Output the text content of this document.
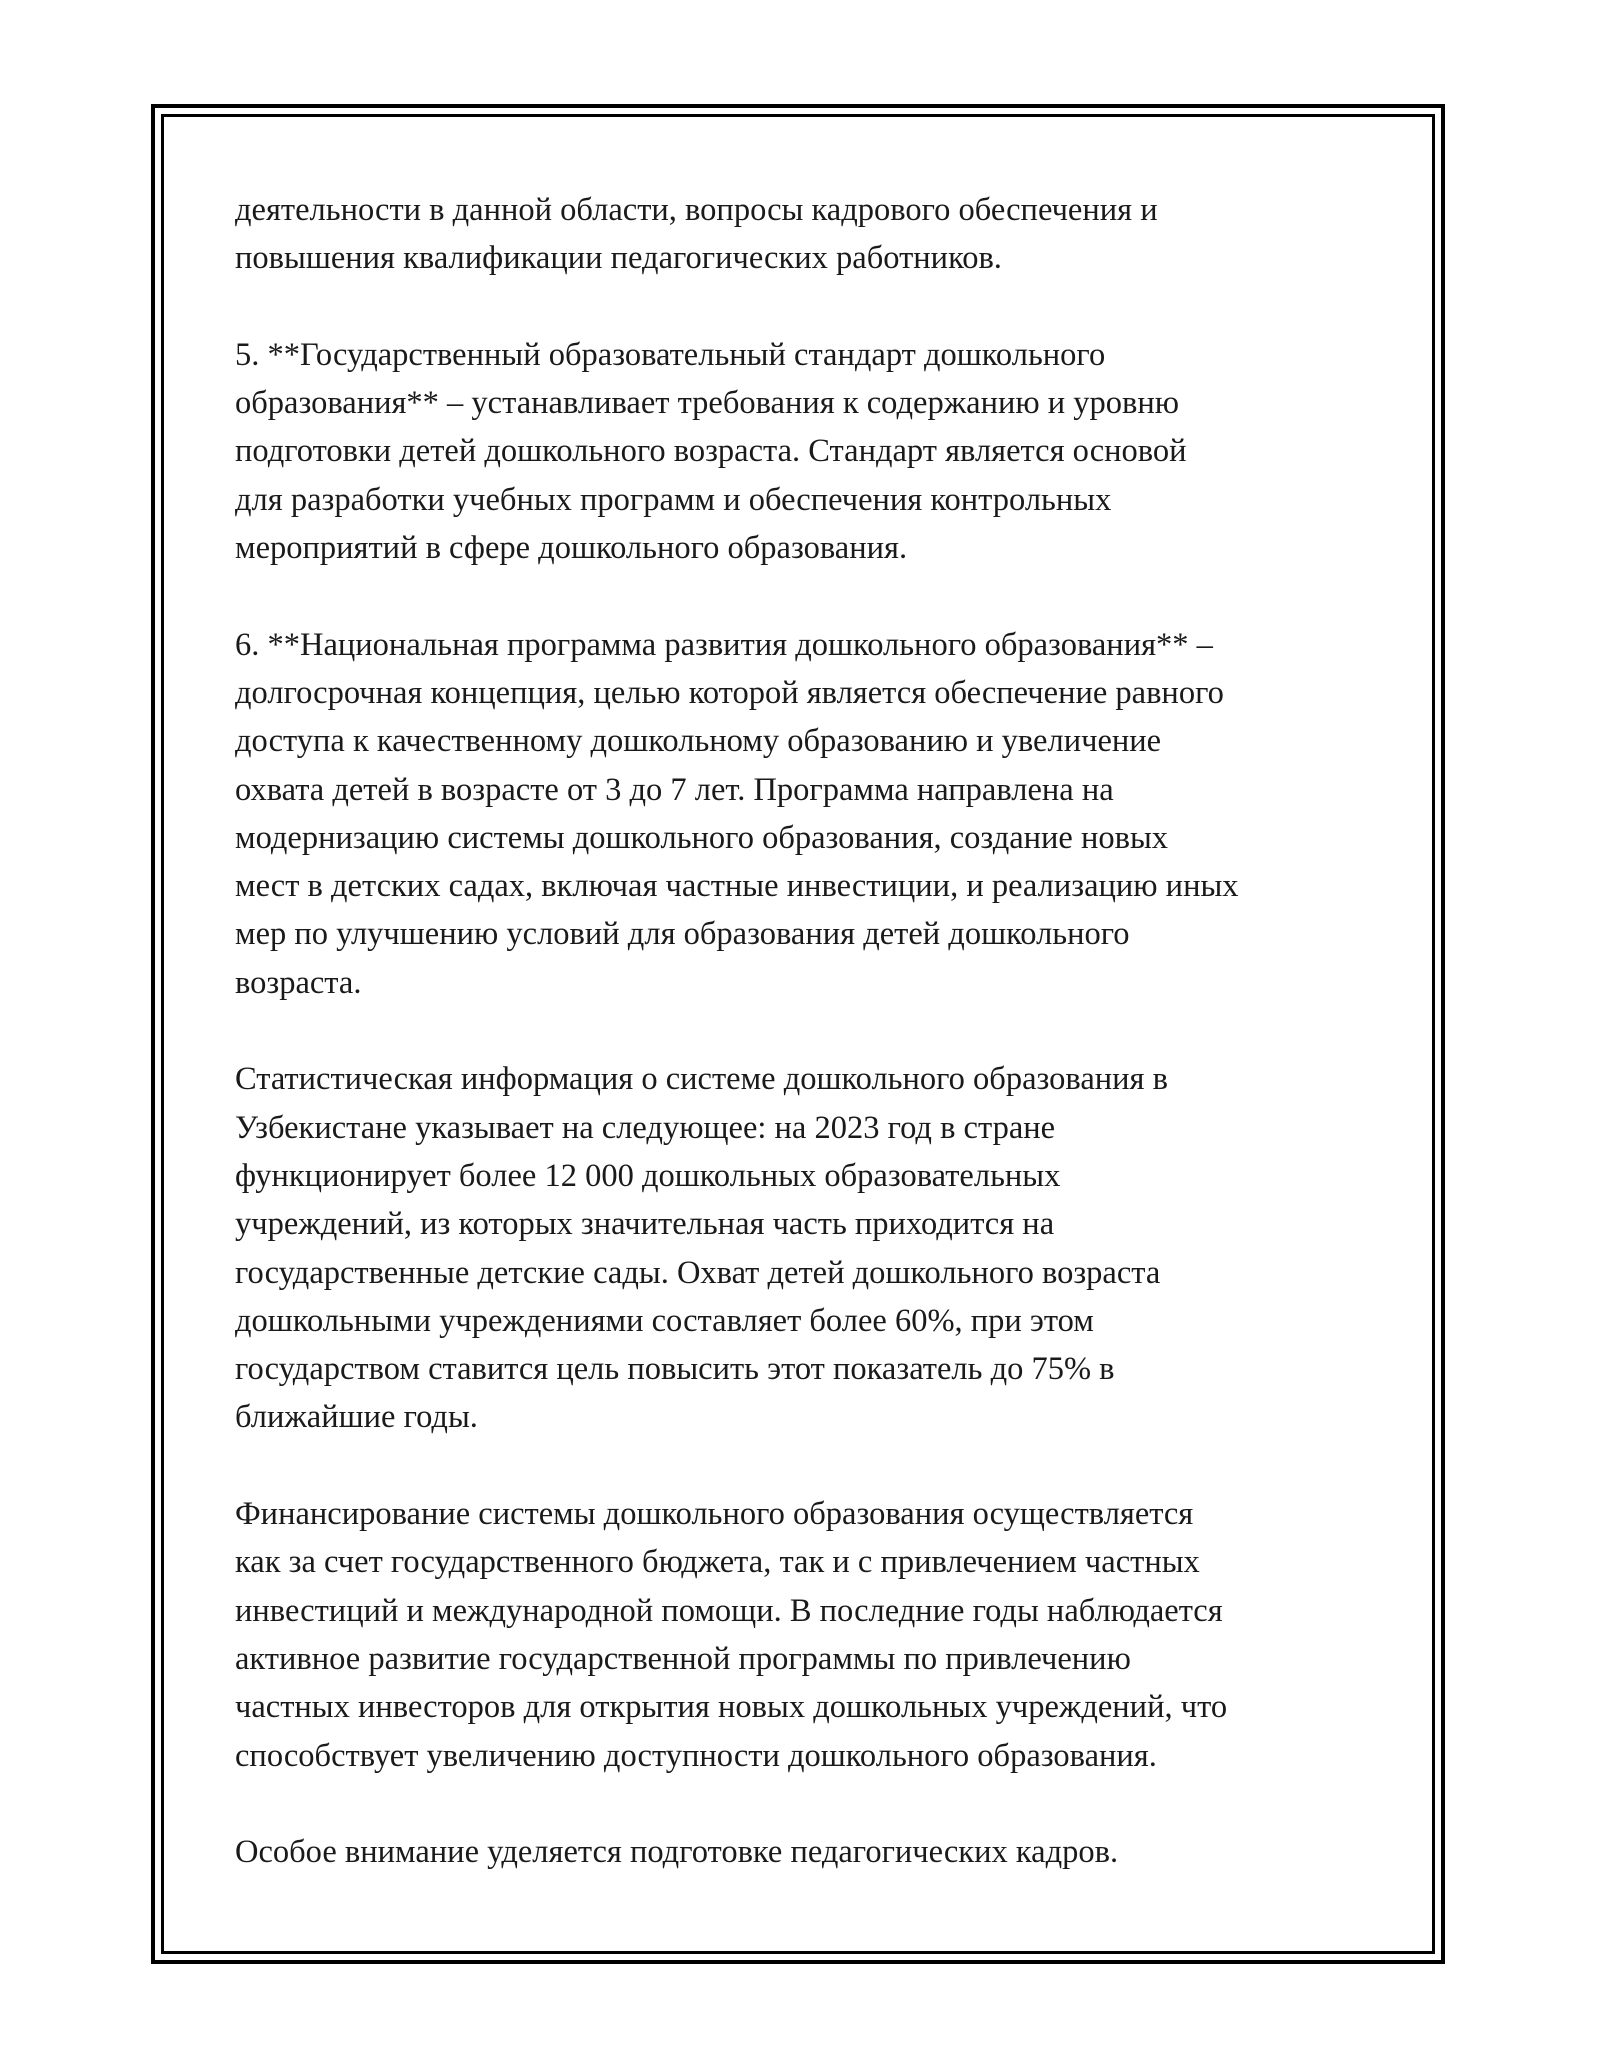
деятельности в данной области, вопросы кадрового обеспечения и
повышения квалификации педагогических работников.

5. **Государственный образовательный стандарт дошкольного
образования** – устанавливает требования к содержанию и уровню
подготовки детей дошкольного возраста. Стандарт является основой
для разработки учебных программ и обеспечения контрольных
мероприятий в сфере дошкольного образования.

6. **Национальная программа развития дошкольного образования** –
долгосрочная концепция, целью которой является обеспечение равного
доступа к качественному дошкольному образованию и увеличение
охвата детей в возрасте от 3 до 7 лет. Программа направлена на
модернизацию системы дошкольного образования, создание новых
мест в детских садах, включая частные инвестиции, и реализацию иных
мер по улучшению условий для образования детей дошкольного
возраста.

Статистическая информация о системе дошкольного образования в
Узбекистане указывает на следующее: на 2023 год в стране
функционирует более 12 000 дошкольных образовательных
учреждений, из которых значительная часть приходится на
государственные детские сады. Охват детей дошкольного возраста
дошкольными учреждениями составляет более 60%, при этом
государством ставится цель повысить этот показатель до 75% в
ближайшие годы.

Финансирование системы дошкольного образования осуществляется
как за счет государственного бюджета, так и с привлечением частных
инвестиций и международной помощи. В последние годы наблюдается
активное развитие государственной программы по привлечению
частных инвесторов для открытия новых дошкольных учреждений, что
способствует увеличению доступности дошкольного образования.

Особое внимание уделяется подготовке педагогических кадров.
